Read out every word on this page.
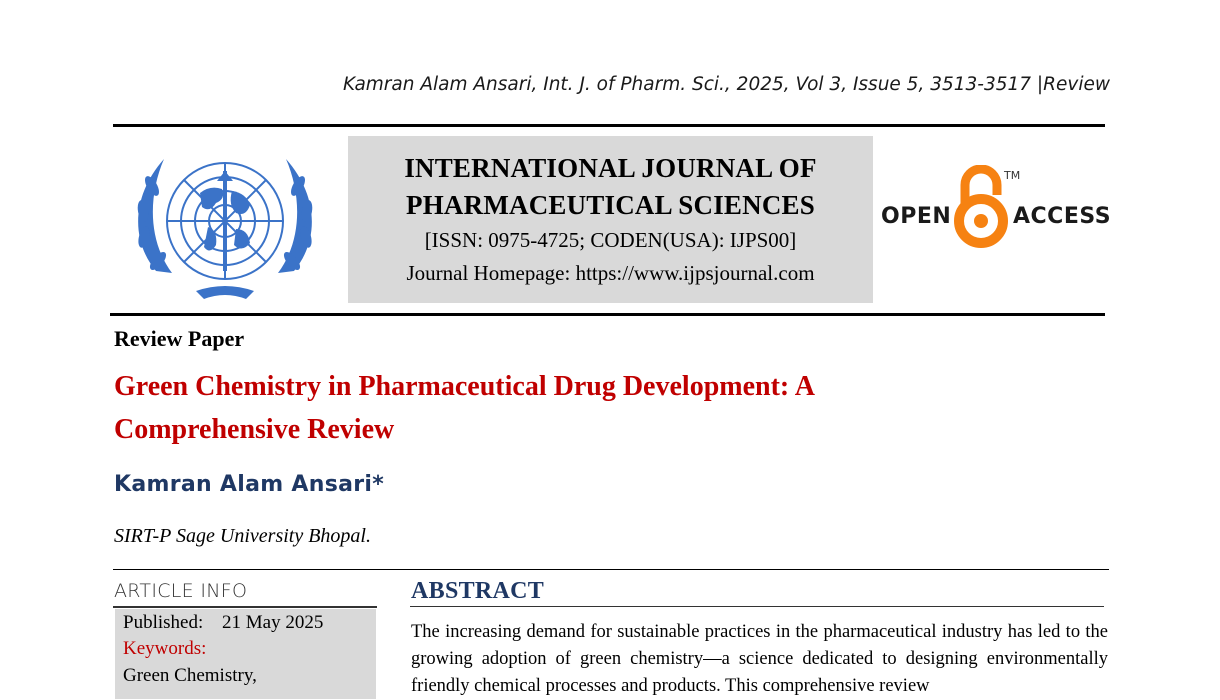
Kamran Alam Ansari, Int. J. of Pharm. Sci., 2025, Vol 3, Issue 5, 3513-3517 |Review
INTERNATIONAL JOURNAL OF
PHARMACEUTICAL SCIENCES
[ISSN: 0975-4725; CODEN(USA): IJPS00]
Journal Homepage: https://www.ijpsjournal.com
OPEN	ACCESS
TM
Review Paper
Green Chemistry in Pharmaceutical Drug Development: A
Comprehensive Review
Kamran Alam Ansari*
SIRT-P Sage University Bhopal.
ARTICLE INFO
Published: 21 May 2025
Keywords:
Green Chemistry,
ABSTRACT
The increasing demand for sustainable practices in the pharmaceutical industry has led to the growing adoption of green chemistry—a science dedicated to designing environmentally friendly chemical processes and products. This comprehensive review
